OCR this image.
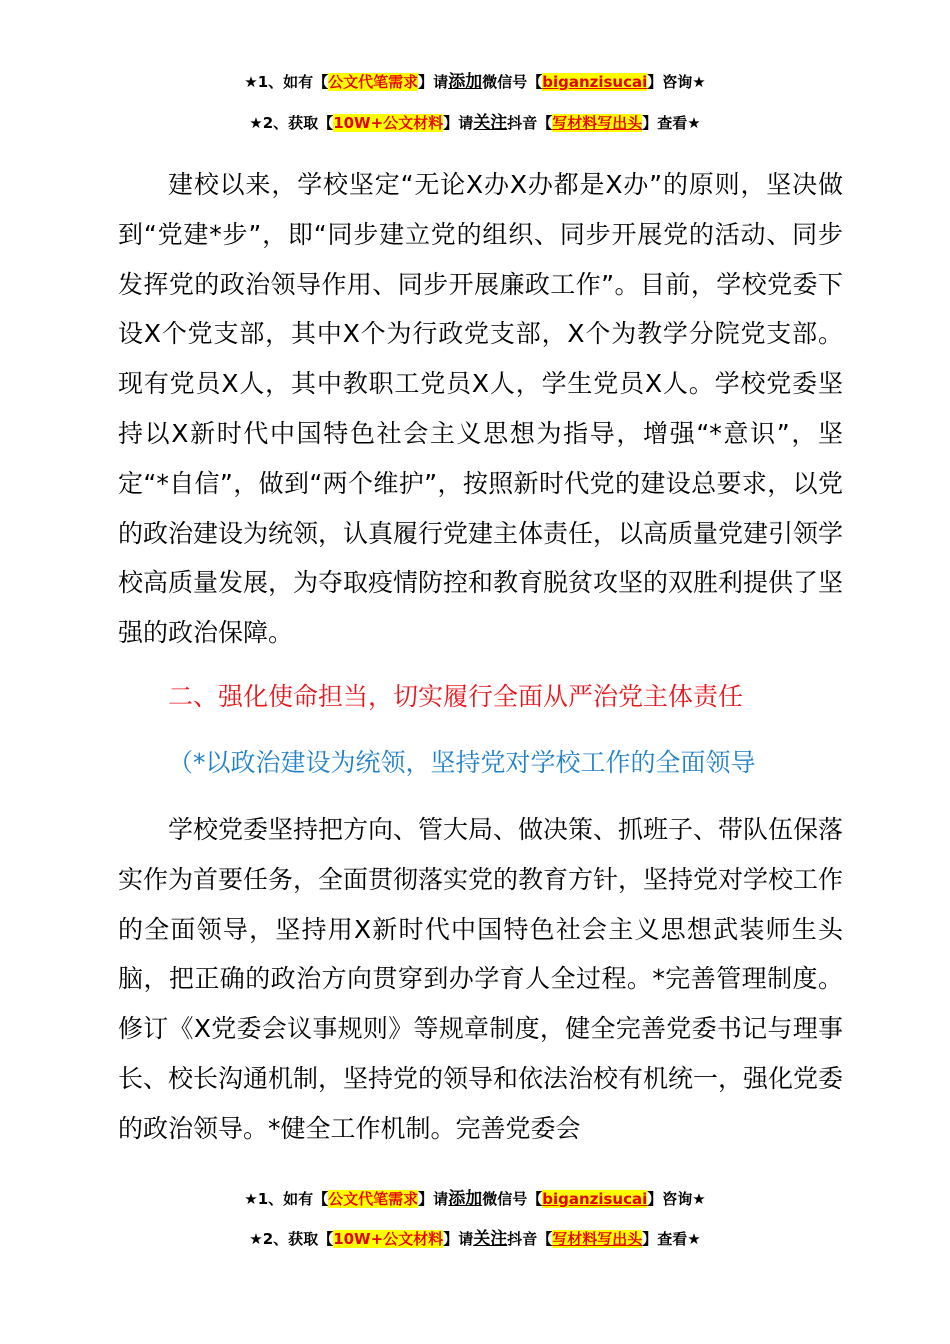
★1、如有【公文代笔需求】请添加微信号【biganzisucai】咨询★
★2、获取【10W+公文材料】请关注抖音【写材料写出头】查看★

建校以来，学校坚定“无论X办X办都是X办”的原则，坚决做到“党建*步”，即“同步建立党的组织、同步开展党的活动、同步发挥党的政治领导作用、同步开展廉政工作”。目前，学校党委下设X个党支部，其中X个为行政党支部，X个为教学分院党支部。现有党员X人，其中教职工党员X人，学生党员X人。学校党委坚持以X新时代中国特色社会主义思想为指导，增强“*意识”，坚定“*自信”，做到“两个维护”，按照新时代党的建设总要求，以党的政治建设为统领，认真履行党建主体责任，以高质量党建引领学校高质量发展，为夺取疫情防控和教育脱贫攻坚的双胜利提供了坚强的政治保障。

二、强化使命担当，切实履行全面从严治党主体责任

（*以政治建设为统领，坚持党对学校工作的全面领导

学校党委坚持把方向、管大局、做决策、抓班子、带队伍保落实作为首要任务，全面贯彻落实党的教育方针，坚持党对学校工作的全面领导，坚持用X新时代中国特色社会主义思想武装师生头脑，把正确的政治方向贯穿到办学育人全过程。*完善管理制度。修订《X党委会议事规则》等规章制度，健全完善党委书记与理事长、校长沟通机制，坚持党的领导和依法治校有机统一，强化党委的政治领导。*健全工作机制。完善党委会

★1、如有【公文代笔需求】请添加微信号【biganzisucai】咨询★
★2、获取【10W+公文材料】请关注抖音【写材料写出头】查看★
